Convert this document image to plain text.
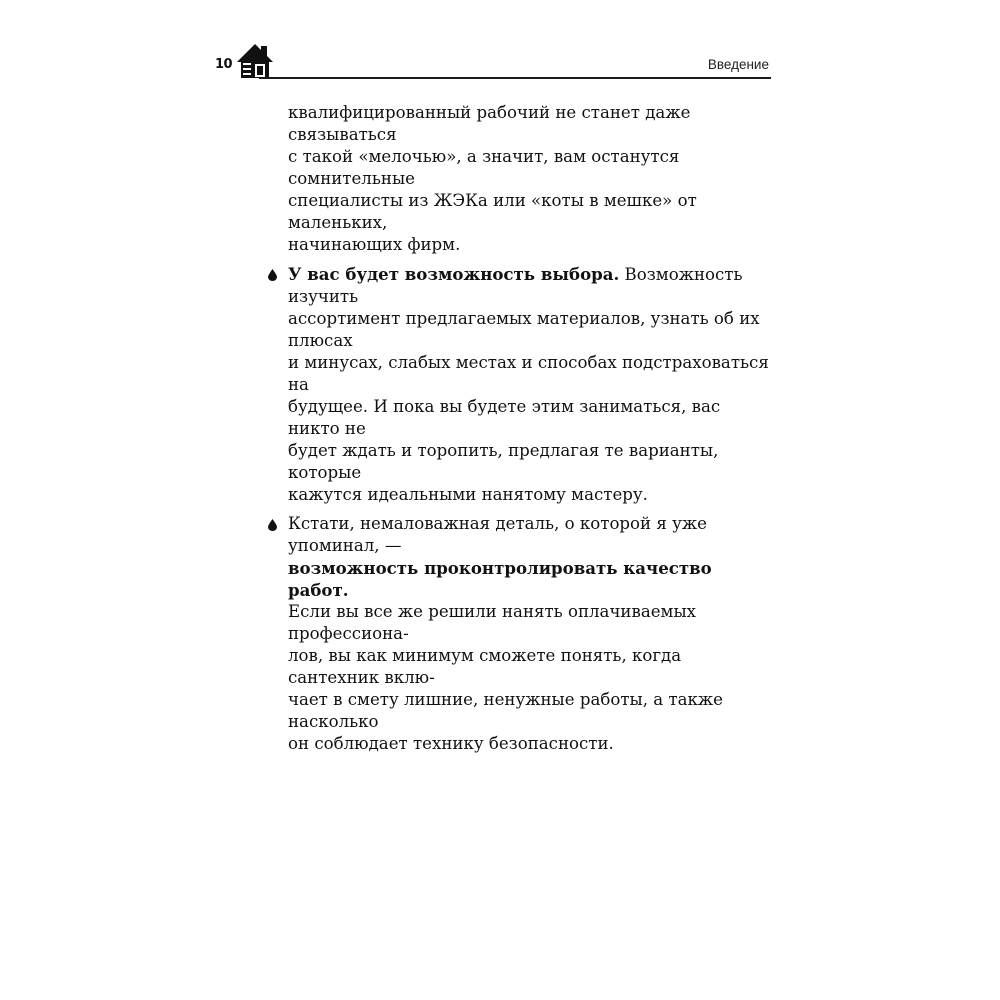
10	Введение
квалифицированный рабочий не станет даже связываться
с такой «мелочью», а значит, вам останутся сомнительные
специалисты из ЖЭКа или «коты в мешке» от маленьких,
начинающих фирм.
У вас будет возможность выбора. Возможность изучить
ассортимент предлагаемых материалов, узнать об их плюсах
и минусах, слабых местах и способах подстраховаться на
будущее. И пока вы будете этим заниматься, вас никто не
будет ждать и торопить, предлагая те варианты, которые
кажутся идеальными нанятому мастеру.
Кстати, немаловажная деталь, о которой я уже упоминал, —
возможность проконтролировать качество работ.
Если вы все же решили нанять оплачиваемых профессиона-
лов, вы как минимум сможете понять, когда сантехник вклю-
чает в смету лишние, ненужные работы, а также насколько
он соблюдает технику безопасности.
